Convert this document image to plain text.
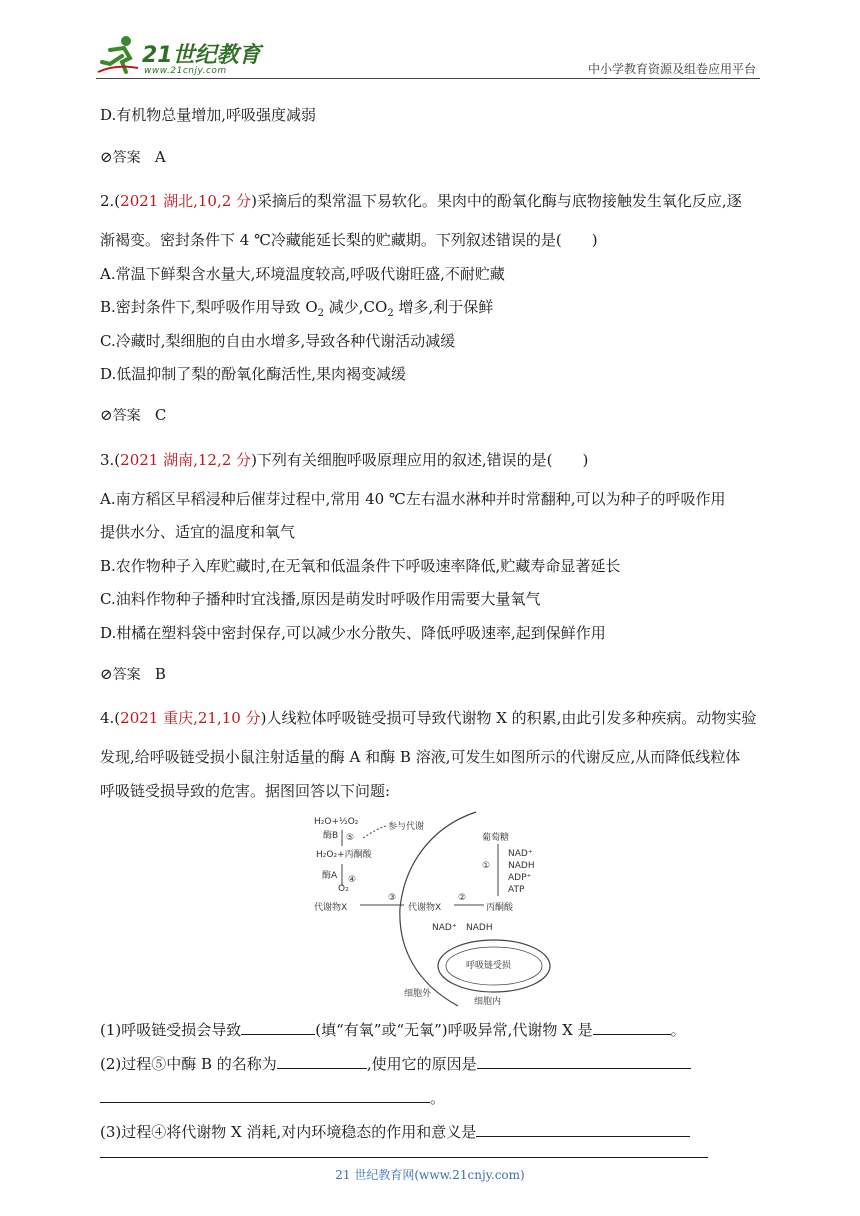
21世纪教育
www.21cnjy.com	中小学教育资源及组卷应用平台
D.有机物总量增加,呼吸强度减弱
⊘答案 A
2.(2021 湖北,10,2 分)采摘后的梨常温下易软化。果肉中的酚氧化酶与底物接触发生氧化反应,逐
渐褐变。密封条件下 4 ℃冷藏能延长梨的贮藏期。下列叙述错误的是(　　)
A.常温下鲜梨含水量大,环境温度较高,呼吸代谢旺盛,不耐贮藏
B.密封条件下,梨呼吸作用导致 $O_2$ 减少$,CO_2$ 增多,利于保鲜
C.冷藏时,梨细胞的自由水增多,导致各种代谢活动减缓
D.低温抑制了梨的酚氧化酶活性,果肉褐变减缓
⊘答案 C
3.(2021 湖南,12,2 分)下列有关细胞呼吸原理应用的叙述,错误的是(　　)
A.南方稻区早稻浸种后催芽过程中,常用 40 ℃左右温水淋种并时常翻种,可以为种子的呼吸作用
提供水分、适宜的温度和氧气
B.农作物种子入库贮藏时,在无氧和低温条件下呼吸速率降低,贮藏寿命显著延长
C.油料作物种子播种时宜浅播,原因是萌发时呼吸作用需要大量氧气
D.柑橘在塑料袋中密封保存,可以减少水分散失、降低呼吸速率,起到保鲜作用
⊘答案 B
4.(2021 重庆,21,10 分)人线粒体呼吸链受损可导致代谢物 X 的积累,由此引发多种疾病。动物实验
发现,给呼吸链受损小鼠注射适量的酶 A 和酶 B 溶液,可发生如图所示的代谢反应,从而降低线粒体
呼吸链受损导致的危害。据图回答以下问题:
H₂O+½O₂
酶B ⑤
参与代谢
H₂O₂+丙酮酸
酶A ④
O₂
代谢物X
③
代谢物X
②
丙酮酸
葡萄糖
①
NAD⁺
NADH
ADP⁺
ATP
NAD⁺ NADH
呼吸链受损
细胞外
细胞内
(1)呼吸链受损会导致	(填“有氧”或“无氧”)呼吸异常,代谢物 X 是	。
(2)过程⑤中酶 B 的名称为	,使用它的原因是
。
(3)过程④将代谢物 X 消耗,对内环境稳态的作用和意义是
21 世纪教育网(www.21cnjy.com)
